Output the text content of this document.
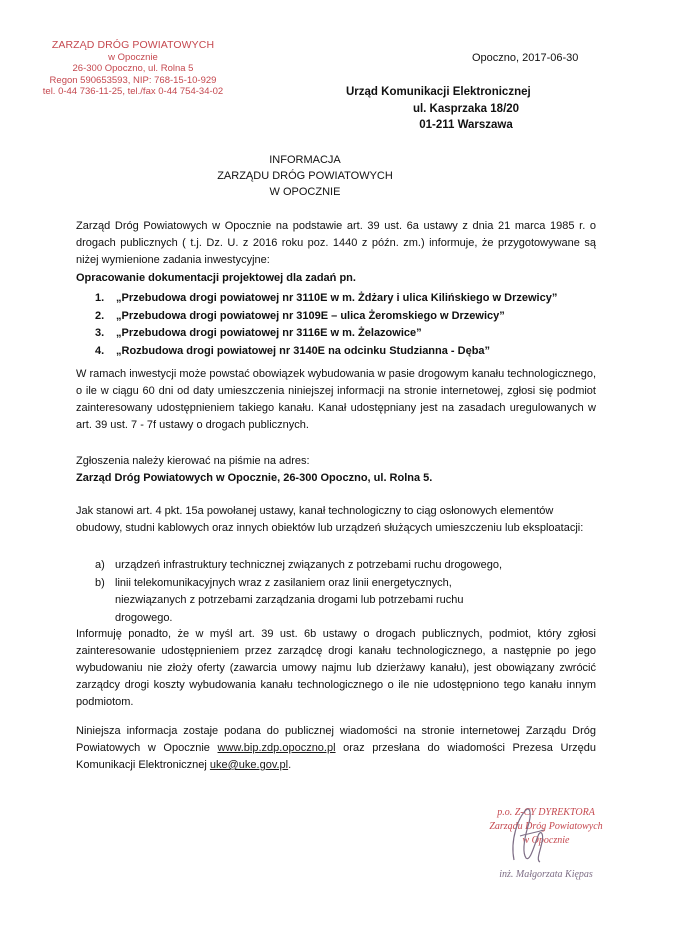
ZARZĄD DRÓG POWIATOWYCH
w Opocznie
26-300 Opoczno, ul. Rolna 5
Regon 590653593, NIP: 768-15-10-929
tel. 0-44 736-11-25, tel./fax 0-44 754-34-02
Opoczno, 2017-06-30
Urząd Komunikacji Elektronicznej
ul. Kasprzaka 18/20
01-211 Warszawa
INFORMACJA
ZARZĄDU DRÓG POWIATOWYCH
W OPOCZNIE
Zarząd Dróg Powiatowych w Opocznie na podstawie art. 39 ust. 6a ustawy z dnia 21 marca 1985 r. o drogach publicznych ( t.j. Dz. U. z 2016 roku poz. 1440 z późn. zm.) informuje, że przygotowywane są niżej wymienione zadania inwestycyjne:
Opracowanie dokumentacji projektowej dla zadań pn.
1.	„Przebudowa drogi powiatowej nr 3110E w m. Żdżary i ulica Kilińskiego w Drzewicy”
2.	„Przebudowa drogi powiatowej nr 3109E – ulica Żeromskiego w Drzewicy”
3.	„Przebudowa drogi powiatowej nr 3116E w m. Żelazowice”
4.	„Rozbudowa drogi powiatowej nr 3140E na odcinku Studzianna - Dęba”
W ramach inwestycji może powstać obowiązek wybudowania w pasie drogowym kanału technologicznego, o ile w ciągu 60 dni od daty umieszczenia niniejszej informacji na stronie internetowej, zgłosi się podmiot zainteresowany udostępnieniem takiego kanału. Kanał udostępniany jest na zasadach uregulowanych w art. 39 ust. 7 - 7f ustawy o drogach publicznych.
Zgłoszenia należy kierować na piśmie na adres:
Zarząd Dróg Powiatowych w Opocznie, 26-300 Opoczno, ul. Rolna 5.
Jak stanowi art. 4 pkt. 15a powołanej ustawy, kanał technologiczny to ciąg osłonowych elementów obudowy, studni kablowych oraz innych obiektów lub urządzeń służących umieszczeniu lub eksploatacji:
a) urządzeń infrastruktury technicznej związanych z potrzebami ruchu drogowego,
b) linii telekomunikacyjnych wraz z zasilaniem oraz linii energetycznych, niezwiązanych z potrzebami zarządzania drogami lub potrzebami ruchu drogowego.
Informuję ponadto, że w myśl art. 39 ust. 6b ustawy o drogach publicznych, podmiot, który zgłosi zainteresowanie udostępnieniem przez zarządcę drogi kanału technologicznego, a następnie po jego wybudowaniu nie złoży oferty (zawarcia umowy najmu lub dzierżawy kanału), jest obowiązany zwrócić zarządcy drogi koszty wybudowania kanału technologicznego o ile nie udostępniono tego kanału innym podmiotom.
Niniejsza informacja zostaje podana do publicznej wiadomości na stronie internetowej Zarządu Dróg Powiatowych w Opocznie www.bip.zdp.opoczno.pl oraz przesłana do wiadomości Prezesa Urzędu Komunikacji Elektronicznej uke@uke.gov.pl.
p.o. Z-CY DYREKTORA
Zarządu Dróg Powiatowych
w Opocznie
inż. Małgorzata Kiępas
